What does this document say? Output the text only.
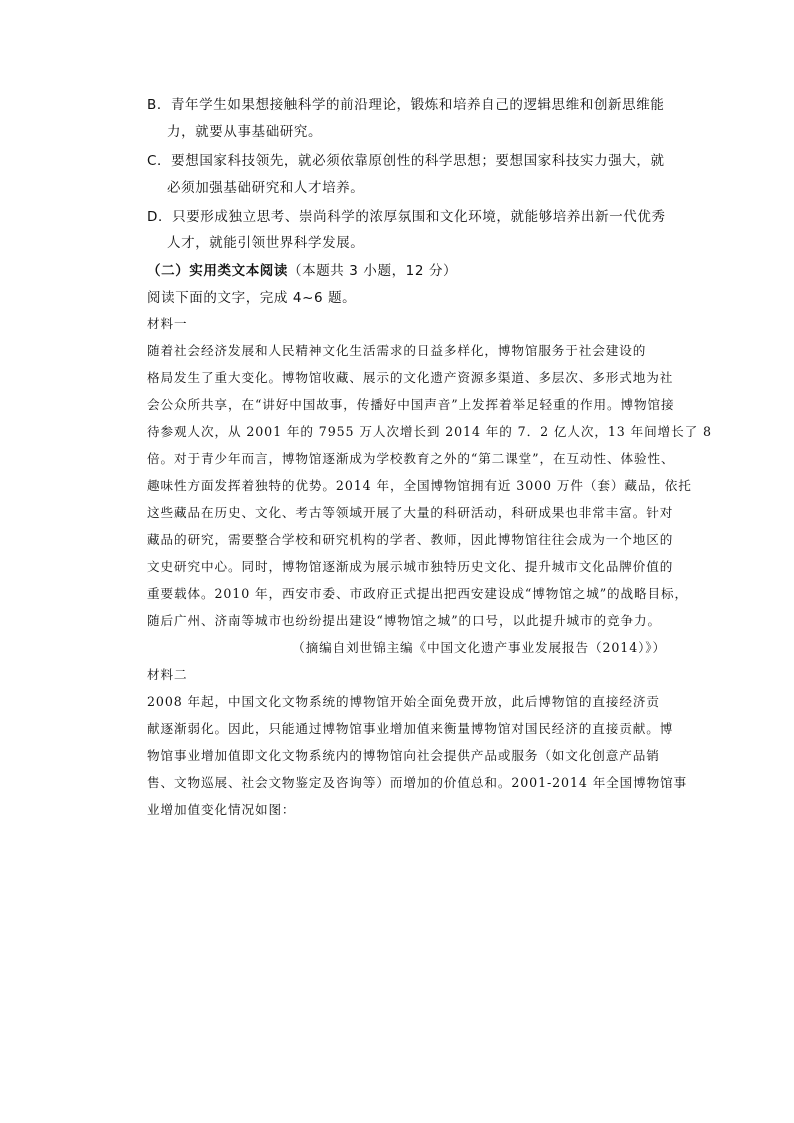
B．青年学生如果想接触科学的前沿理论，锻炼和培养自己的逻辑思维和创新思维能
力，就要从事基础研究。
C．要想国家科技领先，就必须依靠原创性的科学思想；要想国家科技实力强大，就
必须加强基础研究和人才培养。
D．只要形成独立思考、崇尚科学的浓厚氛围和文化环境，就能够培养出新一代优秀
人才，就能引领世界科学发展。
（二）实用类文本阅读（本题共 3 小题，12 分）
阅读下面的文字，完成 4~6 题。
材料一
随着社会经济发展和人民精神文化生活需求的日益多样化，博物馆服务于社会建设的
格局发生了重大变化。博物馆收藏、展示的文化遗产资源多渠道、多层次、多形式地为社
会公众所共享，在“讲好中国故事，传播好中国声音”上发挥着举足轻重的作用。博物馆接
待参观人次，从 2001 年的 7955 万人次增长到 2014 年的 7．2 亿人次，13 年间增长了 8
倍。对于青少年而言，博物馆逐渐成为学校教育之外的“第二课堂”，在互动性、体验性、
趣味性方面发挥着独特的优势。2014 年，全国博物馆拥有近 3000 万件（套）藏品，依托
这些藏品在历史、文化、考古等领域开展了大量的科研活动，科研成果也非常丰富。针对
藏品的研究，需要整合学校和研究机构的学者、教师，因此博物馆往往会成为一个地区的
文史研究中心。同时，博物馆逐渐成为展示城市独特历史文化、提升城市文化品牌价值的
重要载体。2010 年，西安市委、市政府正式提出把西安建设成“博物馆之城”的战略目标，
随后广州、济南等城市也纷纷提出建设“博物馆之城”的口号，以此提升城市的竞争力。
（摘编自刘世锦主编《中国文化遗产事业发展报告（2014）》）
材料二
2008 年起，中国文化文物系统的博物馆开始全面免费开放，此后博物馆的直接经济贡
献逐渐弱化。因此，只能通过博物馆事业增加值来衡量博物馆对国民经济的直接贡献。博
物馆事业增加值即文化文物系统内的博物馆向社会提供产品或服务（如文化创意产品销
售、文物巡展、社会文物鉴定及咨询等）而增加的价值总和。2001-2014 年全国博物馆事
业增加值变化情况如图：
